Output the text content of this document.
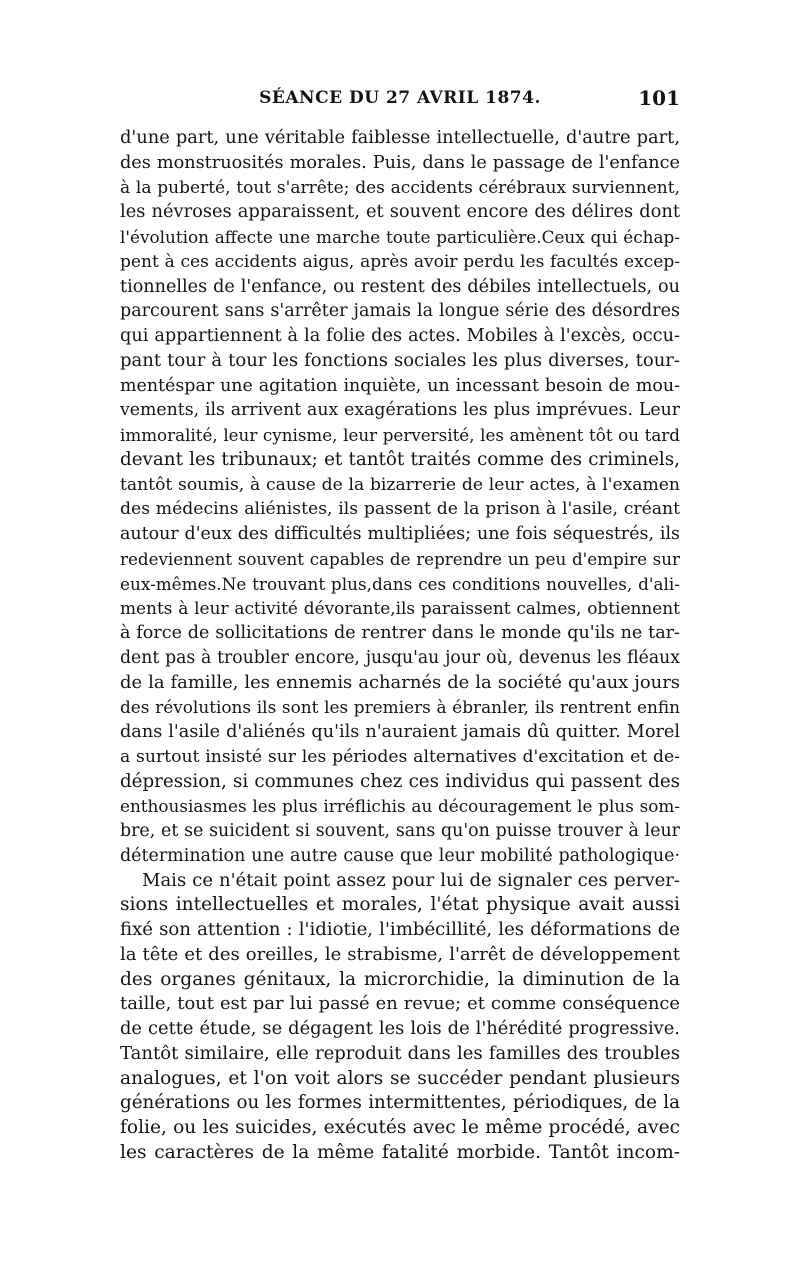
SÉANCE DU 27 AVRIL 1874.	101
d'une part, une véritable faiblesse intellectuelle, d'autre part,
des monstruosités morales. Puis, dans le passage de l'enfance
à la puberté, tout s'arrête; des accidents cérébraux surviennent,
les névroses apparaissent, et souvent encore des délires dont
l'évolution affecte une marche toute particulière.Ceux qui échap-
pent à ces accidents aigus, après avoir perdu les facultés excep-
tionnelles de l'enfance, ou restent des débiles intellectuels, ou
parcourent sans s'arrêter jamais la longue série des désordres
qui appartiennent à la folie des actes. Mobiles à l'excès, occu-
pant tour à tour les fonctions sociales les plus diverses, tour-
mentéspar une agitation inquiète, un incessant besoin de mou-
vements, ils arrivent aux exagérations les plus imprévues. Leur
immoralité, leur cynisme, leur perversité, les amènent tôt ou tard
devant les tribunaux; et tantôt traités comme des criminels,
tantôt soumis, à cause de la bizarrerie de leur actes, à l'examen
des médecins aliénistes, ils passent de la prison à l'asile, créant
autour d'eux des difficultés multipliées; une fois séquestrés, ils
redeviennent souvent capables de reprendre un peu d'empire sur
eux-mêmes.Ne trouvant plus,dans ces conditions nouvelles, d'ali-
ments à leur activité dévorante,ils paraissent calmes, obtiennent
à force de sollicitations de rentrer dans le monde qu'ils ne tar-
dent pas à troubler encore, jusqu'au jour où, devenus les fléaux
de la famille, les ennemis acharnés de la société qu'aux jours
des révolutions ils sont les premiers à ébranler, ils rentrent enfin
dans l'asile d'aliénés qu'ils n'auraient jamais dû quitter. Morel
a surtout insisté sur les périodes alternatives d'excitation et de-
dépression, si communes chez ces individus qui passent des
enthousiasmes les plus irréflichis au découragement le plus som-
bre, et se suicident si souvent, sans qu'on puisse trouver à leur
détermination une autre cause que leur mobilité pathologique·
Mais ce n'était point assez pour lui de signaler ces perver-
sions intellectuelles et morales, l'état physique avait aussi
fixé son attention : l'idiotie, l'imbécillité, les déformations de
la tête et des oreilles, le strabisme, l'arrêt de développement
des organes génitaux, la microrchidie, la diminution de la
taille, tout est par lui passé en revue; et comme conséquence
de cette étude, se dégagent les lois de l'hérédité progressive.
Tantôt similaire, elle reproduit dans les familles des troubles
analogues, et l'on voit alors se succéder pendant plusieurs
générations ou les formes intermittentes, périodiques, de la
folie, ou les suicides, exécutés avec le même procédé, avec
les caractères de la même fatalité morbide. Tantôt incom-
